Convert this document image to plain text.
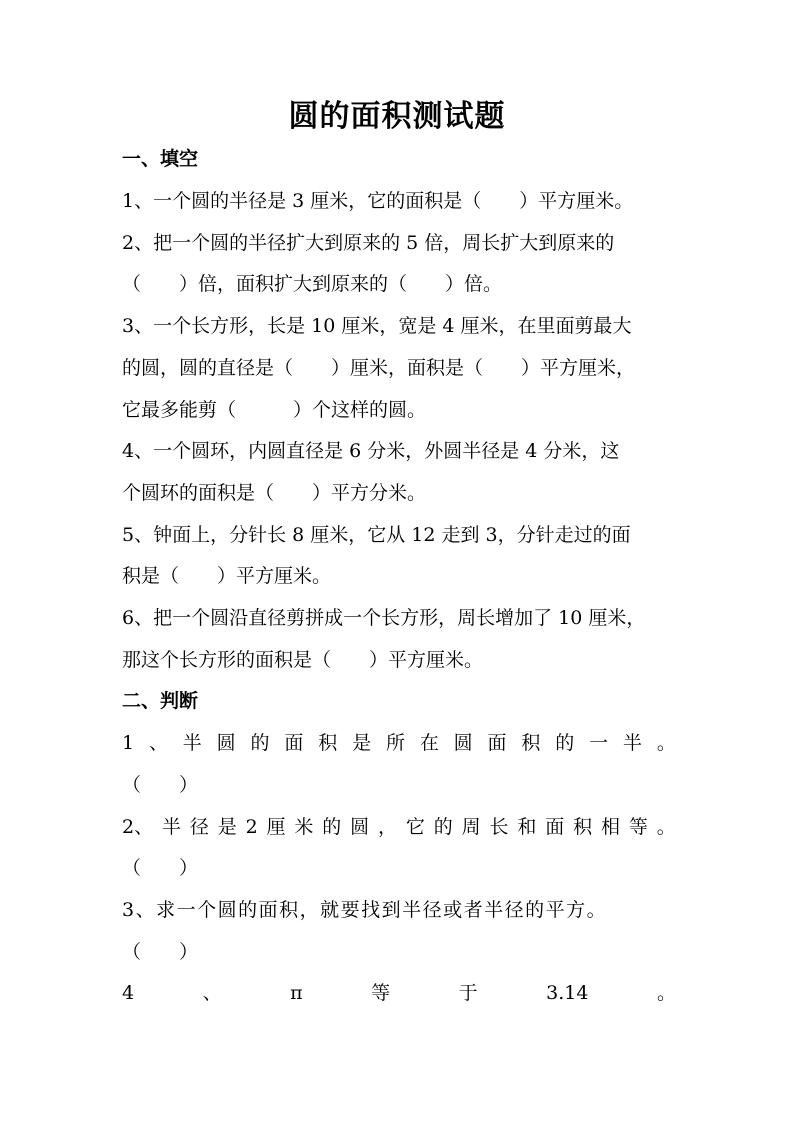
圆的面积测试题
一、填空
1、一个圆的半径是 3 厘米，它的面积是（　　）平方厘米。
2、把一个圆的半径扩大到原来的 5 倍，周长扩大到原来的
（　　）倍，面积扩大到原来的（　　）倍。
3、一个长方形，长是 10 厘米，宽是 4 厘米，在里面剪最大
的圆，圆的直径是（　　）厘米，面积是（　　）平方厘米，
它最多能剪（　　　）个这样的圆。
4、一个圆环，内圆直径是 6 分米，外圆半径是 4 分米，这
个圆环的面积是（　　）平方分米。
5、钟面上，分针长 8 厘米，它从 12 走到 3，分针走过的面
积是（　　）平方厘米。
6、把一个圆沿直径剪拼成一个长方形，周长增加了 10 厘米，
那这个长方形的面积是（　　）平方厘米。
二、判断
1 、 半 圆 的 面 积 是 所 在 圆 面 积 的 一 半 。
（　　）
2、 半 径 是 2 厘 米 的 圆 ， 它 的 周 长 和 面 积 相 等 。
（　　）
3、求一个圆的面积，就要找到半径或者半径的平方。
（　　）
4	、	π	等	于	3.14	。
